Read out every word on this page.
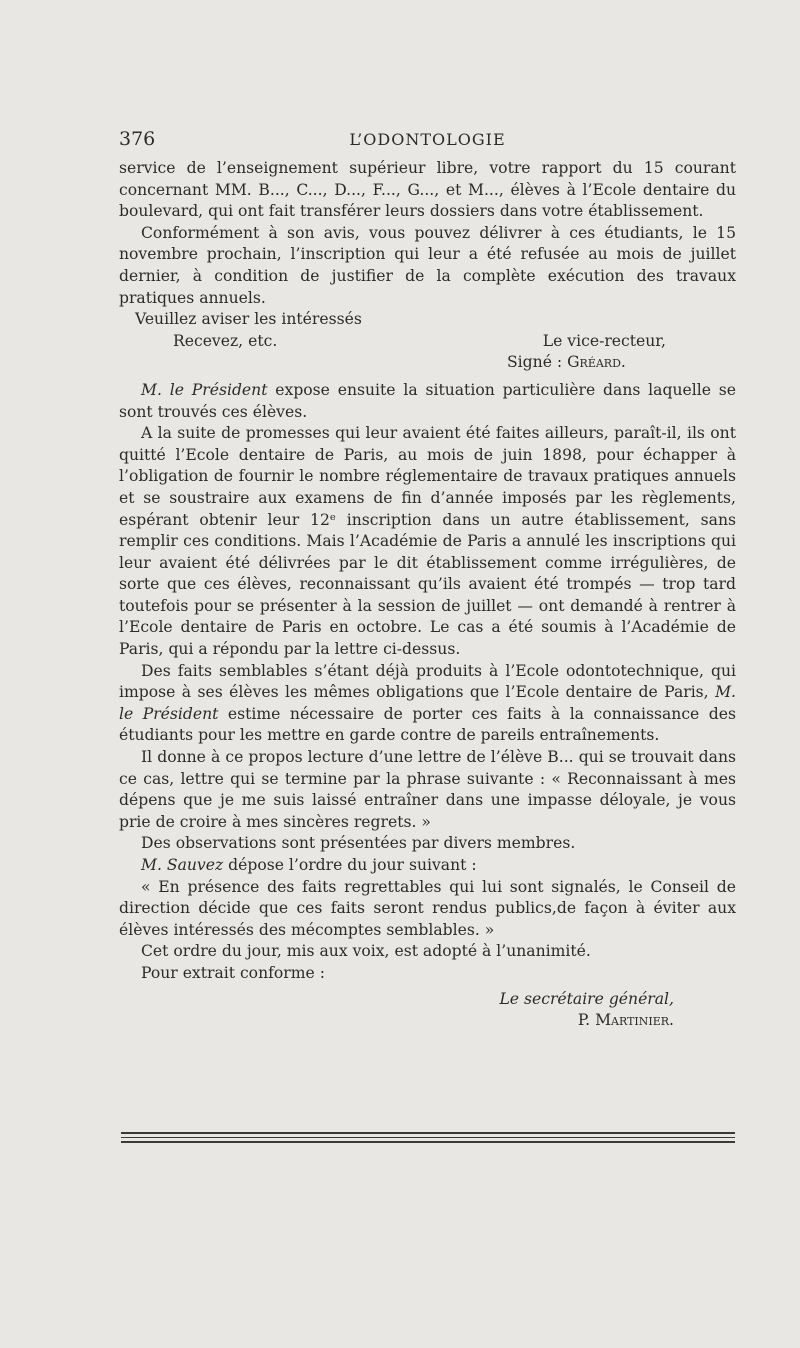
376	L’ODONTOLOGIE

service de l’enseignement supérieur libre, votre rapport du 15 courant concernant MM. B..., C..., D..., F..., G..., et M..., élèves à l’Ecole dentaire du boulevard, qui ont fait transférer leurs dossiers dans votre établissement.

Conformément à son avis, vous pouvez délivrer à ces étudiants, le 15 novembre prochain, l’inscription qui leur a été refusée au mois de juillet dernier, à condition de justifier de la complète exécution des travaux pratiques annuels.

Veuillez aviser les intéressés

Recevez, etc.	Le vice-recteur,

Signé : Gréard.

M. le Président expose ensuite la situation particulière dans laquelle se sont trouvés ces élèves.

A la suite de promesses qui leur avaient été faites ailleurs, paraît-il, ils ont quitté l’Ecole dentaire de Paris, au mois de juin 1898, pour échapper à l’obligation de fournir le nombre réglementaire de travaux pratiques annuels et se soustraire aux examens de fin d’année imposés par les règlements, espérant obtenir leur 12ᵉ inscription dans un autre établissement, sans remplir ces conditions. Mais l’Académie de Paris a annulé les inscriptions qui leur avaient été délivrées par le dit établissement comme irrégulières, de sorte que ces élèves, reconnaissant qu’ils avaient été trompés — trop tard toutefois pour se présenter à la session de juillet — ont demandé à rentrer à l’Ecole dentaire de Paris en octobre. Le cas a été soumis à l’Académie de Paris, qui a répondu par la lettre ci-dessus.

Des faits semblables s’étant déjà produits à l’Ecole odontotechnique, qui impose à ses élèves les mêmes obligations que l’Ecole dentaire de Paris, M. le Président estime nécessaire de porter ces faits à la connaissance des étudiants pour les mettre en garde contre de pareils entraînements.

Il donne à ce propos lecture d’une lettre de l’élève B... qui se trouvait dans ce cas, lettre qui se termine par la phrase suivante : « Reconnaissant à mes dépens que je me suis laissé entraîner dans une impasse déloyale, je vous prie de croire à mes sincères regrets. »

Des observations sont présentées par divers membres.

M. Sauvez dépose l’ordre du jour suivant :

« En présence des faits regrettables qui lui sont signalés, le Conseil de direction décide que ces faits seront rendus publics,de façon à éviter aux élèves intéressés des mécomptes semblables. »

Cet ordre du jour, mis aux voix, est adopté à l’unanimité.

Pour extrait conforme :

Le secrétaire général,

P. Martinier.
